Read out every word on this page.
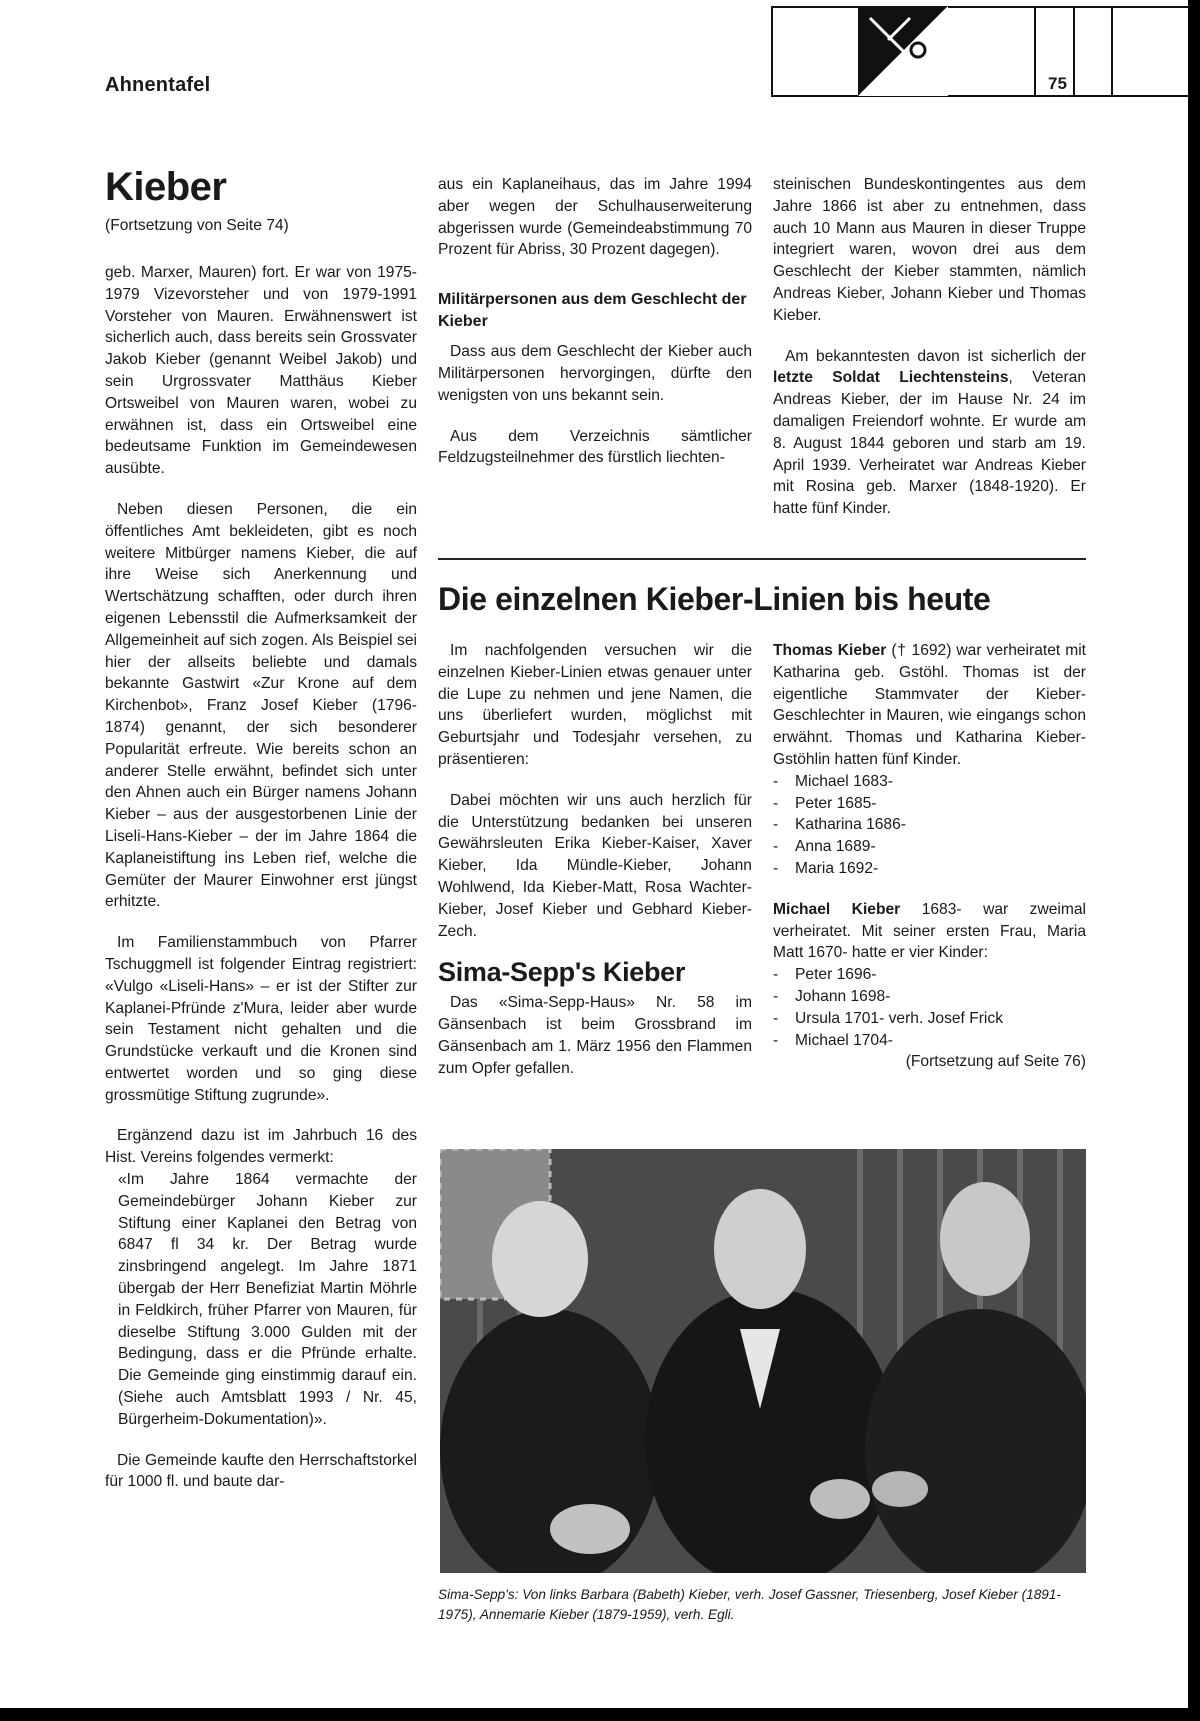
Ahnentafel	75
Kieber
(Fortsetzung von Seite 74)

geb. Marxer, Mauren) fort. Er war von 1975-1979 Vizevorsteher und von 1979-1991 Vorsteher von Mauren. Erwähnenswert ist sicherlich auch, dass bereits sein Grossvater Jakob Kieber (genannt Weibel Jakob) und sein Urgrossvater Matthäus Kieber Ortsweibel von Mauren waren, wobei zu erwähnen ist, dass ein Ortsweibel eine bedeutsame Funktion im Gemeindewesen ausübte.

Neben diesen Personen, die ein öffentliches Amt bekleideten, gibt es noch weitere Mitbürger namens Kieber, die auf ihre Weise sich Anerkennung und Wertschätzung schafften, oder durch ihren eigenen Lebensstil die Aufmerksamkeit der Allgemeinheit auf sich zogen. Als Beispiel sei hier der allseits beliebte und damals bekannte Gastwirt «Zur Krone auf dem Kirchenbot», Franz Josef Kieber (1796-1874) genannt, der sich besonderer Popularität erfreute. Wie bereits schon an anderer Stelle erwähnt, befindet sich unter den Ahnen auch ein Bürger namens Johann Kieber – aus der ausgestorbenen Linie der Liseli-Hans-Kieber – der im Jahre 1864 die Kaplaneistiftung ins Leben rief, welche die Gemüter der Maurer Einwohner erst jüngst erhitzte.

Im Familienstammbuch von Pfarrer Tschuggmell ist folgender Eintrag registriert: «Vulgo «Liseli-Hans» – er ist der Stifter zur Kaplanei-Pfründe z'Mura, leider aber wurde sein Testament nicht gehalten und die Grundstücke verkauft und die Kronen sind entwertet worden und so ging diese grossmütige Stiftung zugrunde».

Ergänzend dazu ist im Jahrbuch 16 des Hist. Vereins folgendes vermerkt:

«Im Jahre 1864 vermachte der Gemeindebürger Johann Kieber zur Stiftung einer Kaplanei den Betrag von 6847 fl 34 kr. Der Betrag wurde zinsbringend angelegt. Im Jahre 1871 übergab der Herr Benefiziat Martin Möhrle in Feldkirch, früher Pfarrer von Mauren, für dieselbe Stiftung 3.000 Gulden mit der Bedingung, dass er die Pfründe erhalte. Die Gemeinde ging einstimmig darauf ein. (Siehe auch Amtsblatt 1993 / Nr. 45, Bürgerheim-Dokumentation)».

Die Gemeinde kaufte den Herrschaftstorkel für 1000 fl. und baute dar-

aus ein Kaplaneihaus, das im Jahre 1994 aber wegen der Schulhauserweiterung abgerissen wurde (Gemeindeabstimmung 70 Prozent für Abriss, 30 Prozent dagegen).

Militärpersonen aus dem Geschlecht der Kieber

Dass aus dem Geschlecht der Kieber auch Militärpersonen hervorgingen, dürfte den wenigsten von uns bekannt sein.

Aus dem Verzeichnis sämtlicher Feldzugsteilnehmer des fürstlich liechten-

steinischen Bundeskontingentes aus dem Jahre 1866 ist aber zu entnehmen, dass auch 10 Mann aus Mauren in dieser Truppe integriert waren, wovon drei aus dem Geschlecht der Kieber stammten, nämlich Andreas Kieber, Johann Kieber und Thomas Kieber.

Am bekanntesten davon ist sicherlich der letzte Soldat Liechtensteins, Veteran Andreas Kieber, der im Hause Nr. 24 im damaligen Freiendorf wohnte. Er wurde am 8. August 1844 geboren und starb am 19. April 1939. Verheiratet war Andreas Kieber mit Rosina geb. Marxer (1848-1920). Er hatte fünf Kinder.

Die einzelnen Kieber-Linien bis heute

Im nachfolgenden versuchen wir die einzelnen Kieber-Linien etwas genauer unter die Lupe zu nehmen und jene Namen, die uns überliefert wurden, möglichst mit Geburtsjahr und Todesjahr versehen, zu präsentieren:

Dabei möchten wir uns auch herzlich für die Unterstützung bedanken bei unseren Gewährsleuten Erika Kieber-Kaiser, Xaver Kieber, Ida Mündle-Kieber, Johann Wohlwend, Ida Kieber-Matt, Rosa Wachter-Kieber, Josef Kieber und Gebhard Kieber-Zech.

Sima-Sepp's Kieber

Das «Sima-Sepp-Haus» Nr. 58 im Gänsenbach ist beim Grossbrand im Gänsenbach am 1. März 1956 den Flammen zum Opfer gefallen.

Thomas Kieber († 1692) war verheiratet mit Katharina geb. Gstöhl. Thomas ist der eigentliche Stammvater der Kieber-Geschlechter in Mauren, wie eingangs schon erwähnt. Thomas und Katharina Kieber-Gstöhlin hatten fünf Kinder.

- Michael 1683-
- Peter 1685-
- Katharina 1686-
- Anna 1689-
- Maria 1692-

Michael Kieber 1683- war zweimal verheiratet. Mit seiner ersten Frau, Maria Matt 1670- hatte er vier Kinder:

- Peter 1696-
- Johann 1698-
- Ursula 1701- verh. Josef Frick
- Michael 1704-
(Fortsetzung auf Seite 76)
Sima-Sepp's: Von links Barbara (Babeth) Kieber, verh. Josef Gassner, Triesenberg, Josef Kieber (1891-1975), Annemarie Kieber (1879-1959), verh. Egli.
